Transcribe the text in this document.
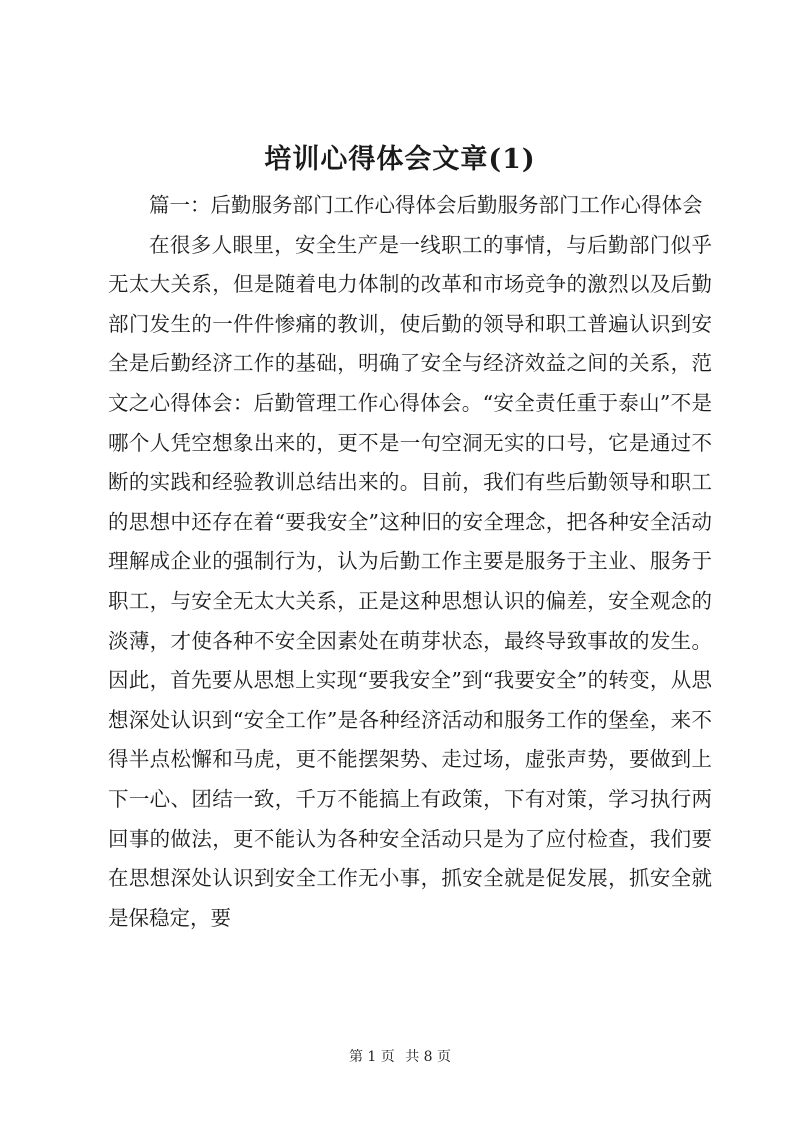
培训心得体会文章(1)

篇一：后勤服务部门工作心得体会后勤服务部门工作心得体会

在很多人眼里，安全生产是一线职工的事情，与后勤部门似乎无太大关系，但是随着电力体制的改革和市场竞争的激烈以及后勤部门发生的一件件惨痛的教训，使后勤的领导和职工普遍认识到安全是后勤经济工作的基础，明确了安全与经济效益之间的关系，范文之心得体会：后勤管理工作心得体会。“安全责任重于泰山”不是哪个人凭空想象出来的，更不是一句空洞无实的口号，它是通过不断的实践和经验教训总结出来的。目前，我们有些后勤领导和职工的思想中还存在着“要我安全”这种旧的安全理念，把各种安全活动理解成企业的强制行为，认为后勤工作主要是服务于主业、服务于职工，与安全无太大关系，正是这种思想认识的偏差，安全观念的淡薄，才使各种不安全因素处在萌芽状态，最终导致事故的发生。因此，首先要从思想上实现“要我安全”到“我要安全”的转变，从思想深处认识到“安全工作”是各种经济活动和服务工作的堡垒，来不得半点松懈和马虎，更不能摆架势、走过场，虚张声势，要做到上下一心、团结一致，千万不能搞上有政策，下有对策，学习执行两回事的做法，更不能认为各种安全活动只是为了应付检查，我们要在思想深处认识到安全工作无小事，抓安全就是促发展，抓安全就是保稳定，要

第 1 页 共 8 页
